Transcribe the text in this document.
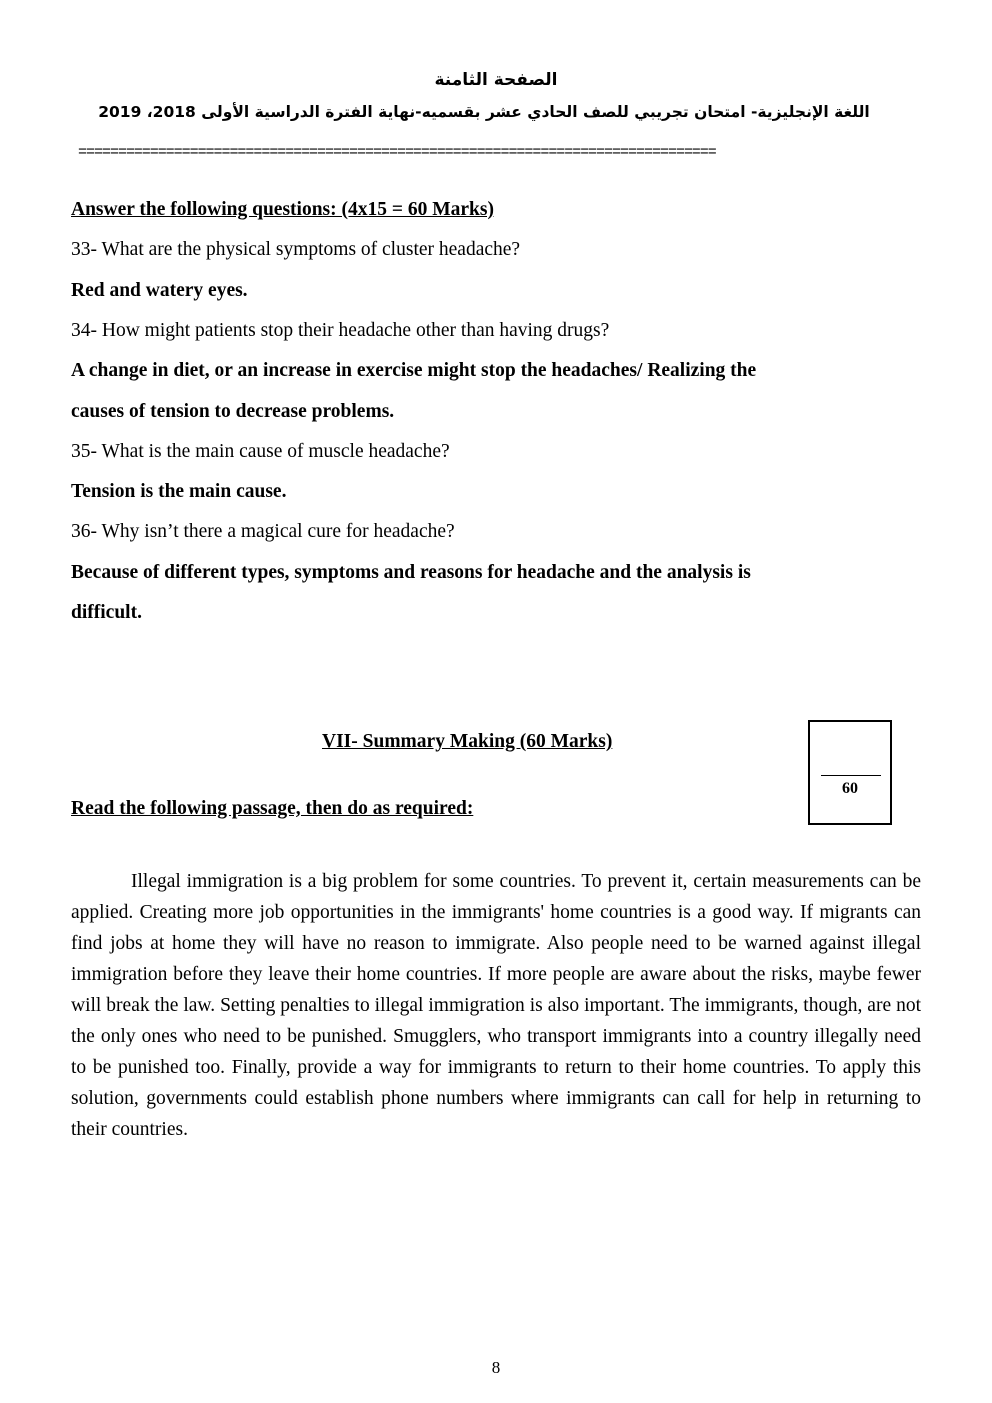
الصفحة الثامنة
اللغة الإنجليزية- امتحان تجريبي للصف الحادي عشر بقسميه-نهاية الفترة الدراسية الأولى 2018، 2019
================================================================================
Answer the following questions: (4x15 = 60 Marks)
33- What are the physical symptoms of cluster headache?
Red and watery eyes.
34- How might patients stop their headache other than having drugs?
A change in diet, or an increase in exercise might stop the headaches/ Realizing the
causes of tension to decrease problems.
35- What is the main cause of muscle headache?
Tension is the main cause.
36- Why isn’t there a magical cure for headache?
Because of different types, symptoms and reasons for headache and the analysis is
difficult.
VII- Summary Making (60 Marks)
60
Read the following passage, then do as required:

Illegal immigration is a big problem for some countries. To prevent it, certain measurements can be applied. Creating more job opportunities in the immigrants' home countries is a good way. If migrants can find jobs at home they will have no reason to immigrate. Also people need to be warned against illegal immigration before they leave their home countries. If more people are aware about the risks, maybe fewer will break the law. Setting penalties to illegal immigration is also important. The immigrants, though, are not the only ones who need to be punished. Smugglers, who transport immigrants into a country illegally need to be punished too. Finally, provide a way for immigrants to return to their home countries. To apply this solution, governments could establish phone numbers where immigrants can call for help in returning to their countries.

8
